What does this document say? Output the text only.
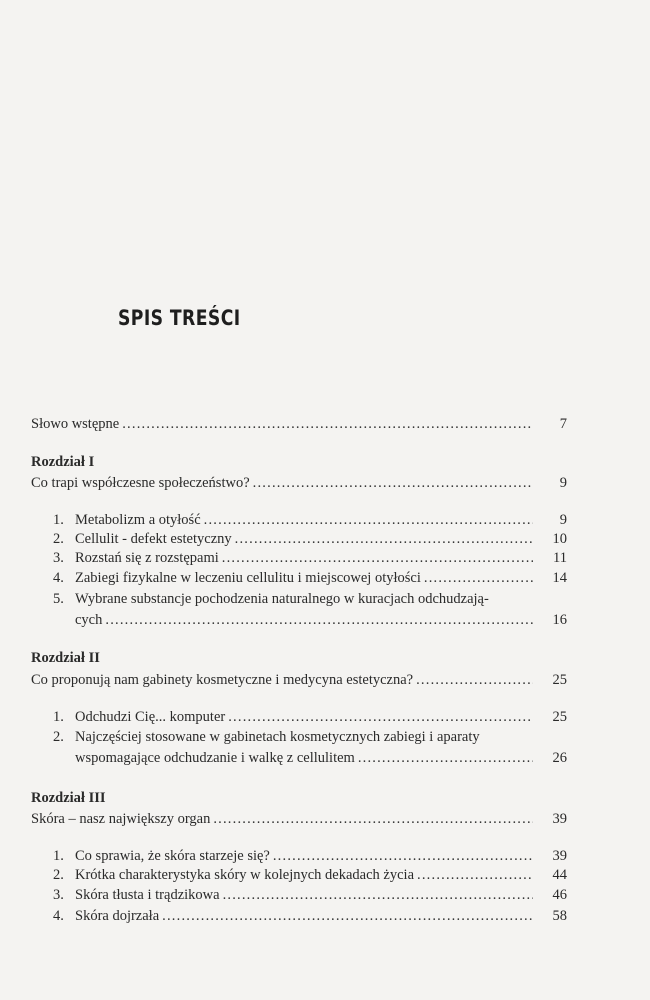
SPIS TREŚCI
Słowo wstępne .....	7
Rozdział I
Co trapi współczesne społeczeństwo? .....	9
1. Metabolizm a otyłość .....	9
2. Cellulit - defekt estetyczny .....	10
3. Rozstań się z rozstępami .....	11
4. Zabiegi fizykalne w leczeniu cellulitu i miejscowej otyłości .....	14
5. Wybrane substancje pochodzenia naturalnego w kuracjach odchudzają-
cych .....	16
Rozdział II
Co proponują nam gabinety kosmetyczne i medycyna estetyczna? .....	25
1. Odchudzi Cię... komputer .....	25
2. Najczęściej stosowane w gabinetach kosmetycznych zabiegi i aparaty
wspomagające odchudzanie i walkę z cellulitem .....	26
Rozdział III
Skóra – nasz największy organ .....	39
1. Co sprawia, że skóra starzeje się? .....	39
2. Krótka charakterystyka skóry w kolejnych dekadach życia .....	44
3. Skóra tłusta i trądzikowa .....	46
4. Skóra dojrzała .....	58
